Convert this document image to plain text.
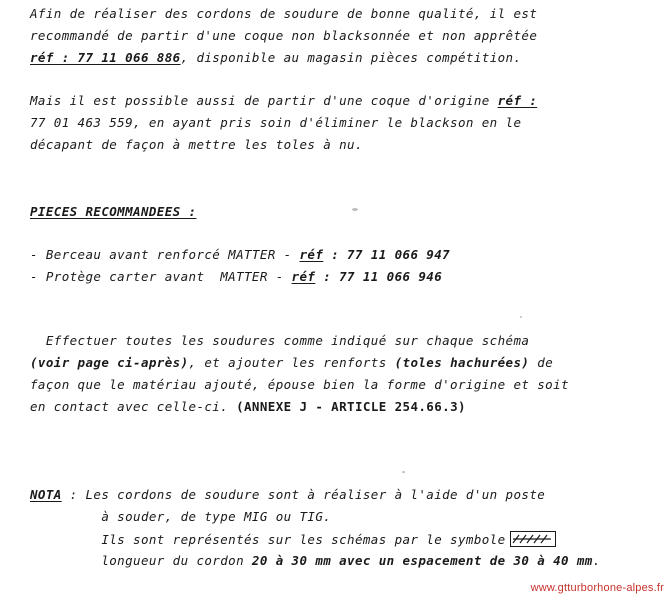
Afin de réaliser des cordons de soudure de bonne qualité, il est
recommandé de partir d'une coque non blacksonnée et non apprêtée
réf : 77 11 066 886, disponible au magasin pièces compétition.
Mais il est possible aussi de partir d'une coque d'origine réf :
77 01 463 559, en ayant pris soin d'éliminer le blackson en le
décapant de façon à mettre les toles à nu.
PIECES RECOMMANDEES :
- Berceau avant renforcé MATTER - réf : 77 11 066 947
- Protège carter avant  MATTER - réf : 77 11 066 946
Effectuer toutes les soudures comme indiqué sur chaque schéma
(voir page ci-après), et ajouter les renforts (toles hachurées) de
façon que le matériau ajouté, épouse bien la forme d'origine et soit
en contact avec celle-ci. (ANNEXE J - ARTICLE 254.66.3)
NOTA : Les cordons de soudure sont à réaliser à l'aide d'un poste
à souder, de type MIG ou TIG.
Ils sont représentés sur les schémas par le symbole
longueur du cordon 20 à 30 mm avec un espacement de 30 à 40 mm.
www.gtturborhone-alpes.fr
